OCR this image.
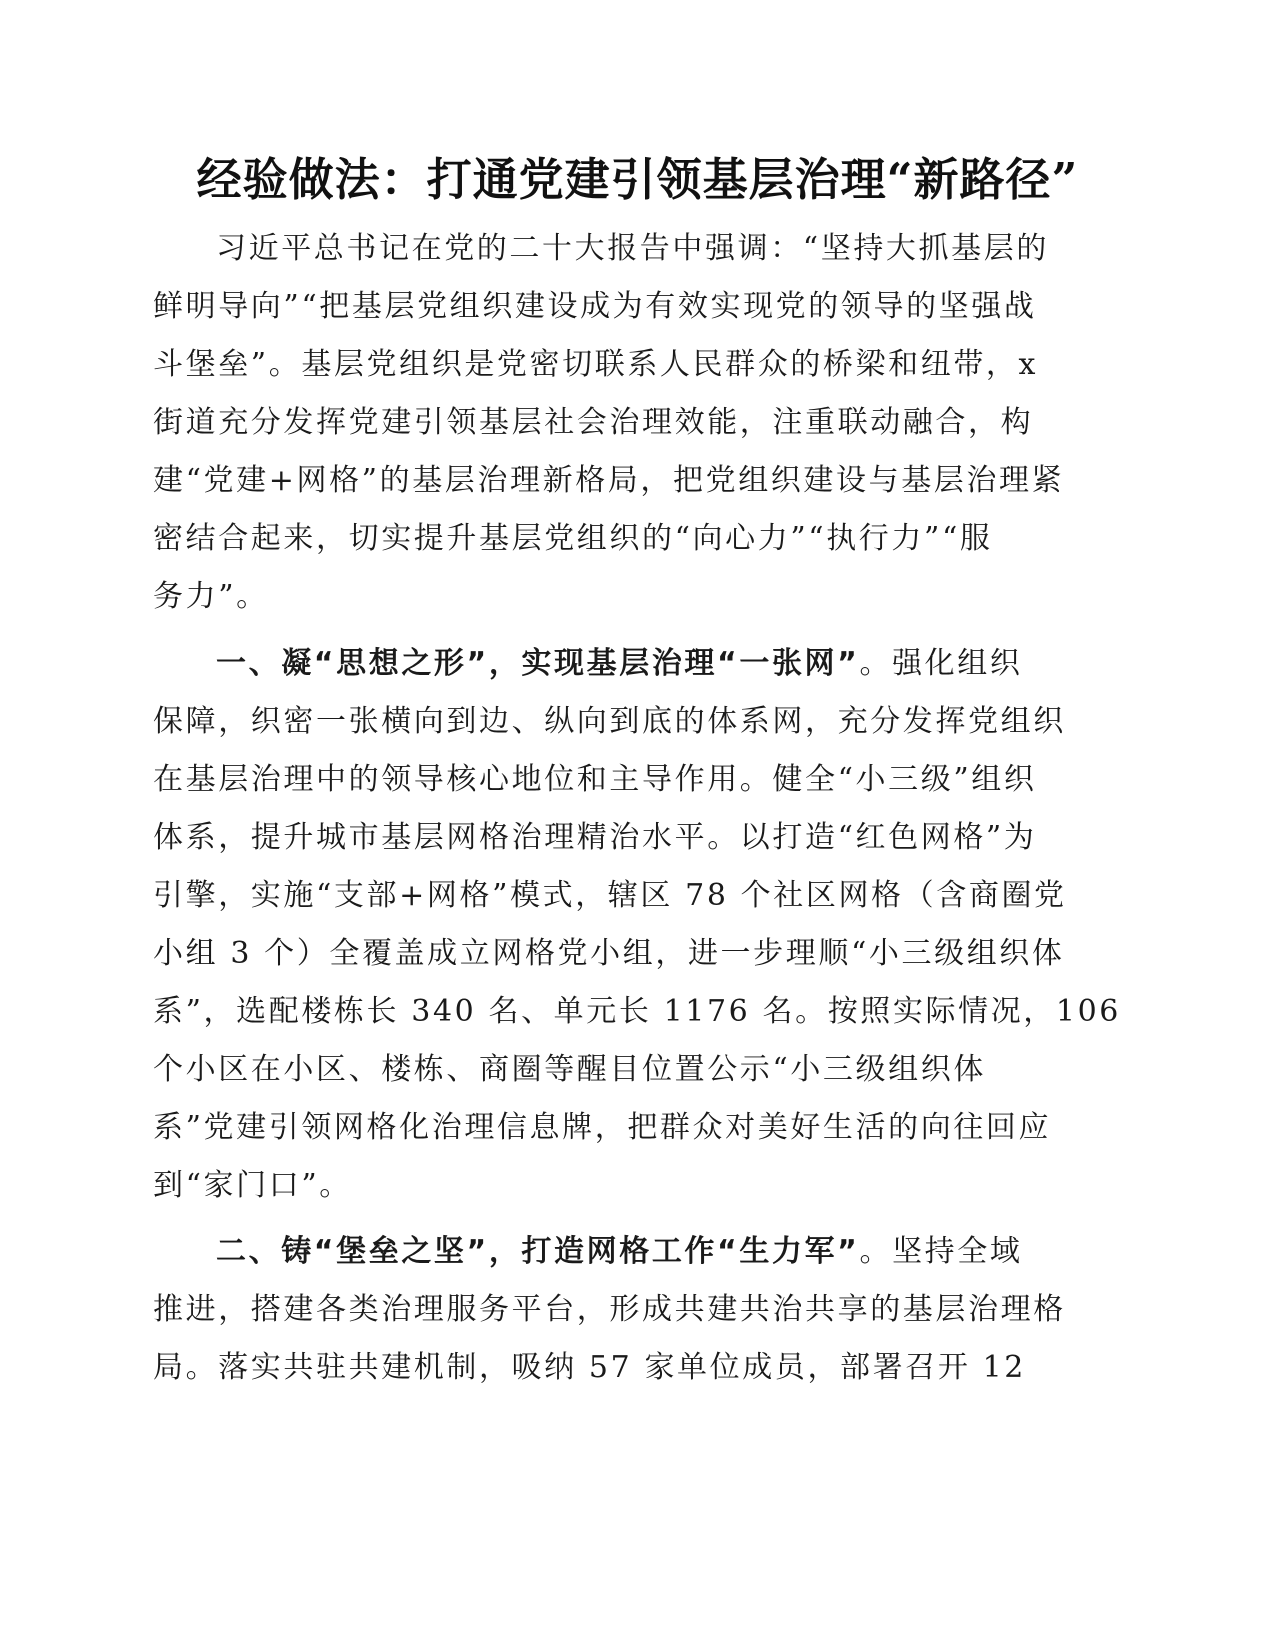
经验做法：打通党建引领基层治理“新路径”
习近平总书记在党的二十大报告中强调：“坚持大抓基层的
鲜明导向”“把基层党组织建设成为有效实现党的领导的坚强战
斗堡垒”。基层党组织是党密切联系人民群众的桥梁和纽带，x
街道充分发挥党建引领基层社会治理效能，注重联动融合，构
建“党建+网格”的基层治理新格局，把党组织建设与基层治理紧
密结合起来，切实提升基层党组织的“向心力”“执行力”“服
务力”。
一、凝“思想之形”，实现基层治理“一张网”。强化组织
保障，织密一张横向到边、纵向到底的体系网，充分发挥党组织
在基层治理中的领导核心地位和主导作用。健全“小三级”组织
体系，提升城市基层网格治理精治水平。以打造“红色网格”为
引擎，实施“支部+网格”模式，辖区 78 个社区网格（含商圈党
小组 3 个）全覆盖成立网格党小组，进一步理顺“小三级组织体
系”，选配楼栋长 340 名、单元长 1176 名。按照实际情况，106
个小区在小区、楼栋、商圈等醒目位置公示“小三级组织体
系”党建引领网格化治理信息牌，把群众对美好生活的向往回应
到“家门口”。
二、铸“堡垒之坚”，打造网格工作“生力军”。坚持全域
推进，搭建各类治理服务平台，形成共建共治共享的基层治理格
局。落实共驻共建机制，吸纳 57 家单位成员，部署召开 12
